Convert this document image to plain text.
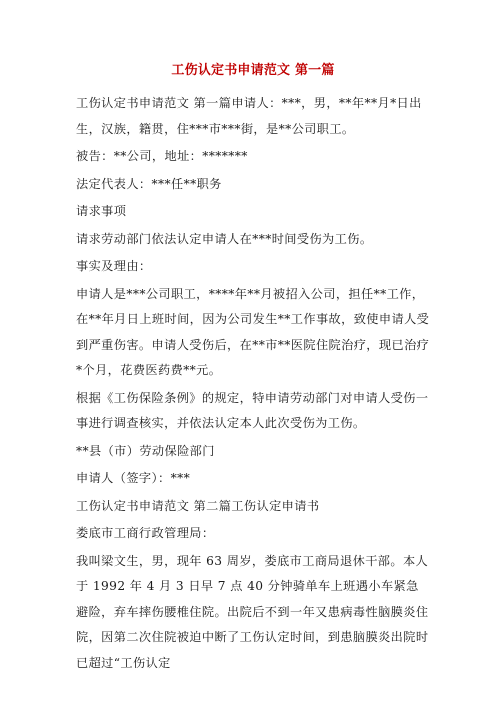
工伤认定书申请范文 第一篇
工伤认定书申请范文 第一篇申请人：***，男，**年**月*日出生，汉族，籍贯，住***市***街，是**公司职工。
被告：**公司，地址：*******
法定代表人：***任**职务
请求事项
请求劳动部门依法认定申请人在***时间受伤为工伤。
事实及理由：
申请人是***公司职工，****年**月被招入公司，担任**工作，在**年月日上班时间，因为公司发生**工作事故，致使申请人受到严重伤害。申请人受伤后，在**市**医院住院治疗，现已治疗*个月，花费医药费**元。
根据《工伤保险条例》的规定，特申请劳动部门对申请人受伤一事进行调查核实，并依法认定本人此次受伤为工伤。
**县（市）劳动保险部门
申请人（签字）：***
工伤认定书申请范文 第二篇工伤认定申请书
娄底市工商行政管理局：
我叫梁文生，男，现年 63 周岁，娄底市工商局退休干部。本人于 1992 年 4 月 3 日早 7 点 40 分钟骑单车上班遇小车紧急避险，弃车摔伤腰椎住院。出院后不到一年又患病毒性脑膜炎住院，因第二次住院被迫中断了工伤认定时间，到患脑膜炎出院时已超过“工伤认定
